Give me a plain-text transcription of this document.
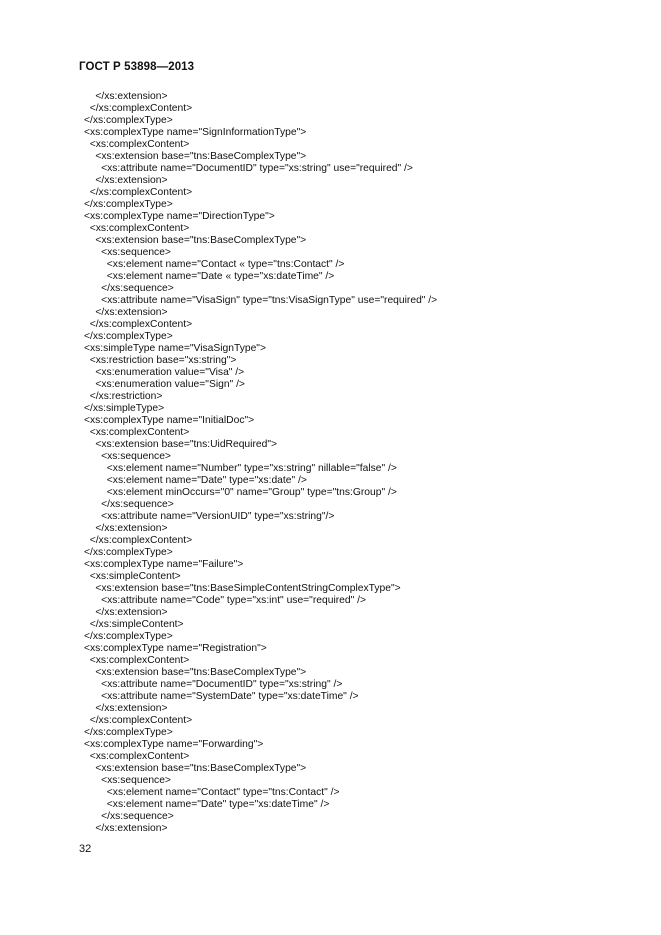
ГОСТ Р 53898—2013
</xs:extension>
</xs:complexContent>
</xs:complexType>
<xs:complexType name="SignInformationType">
<xs:complexContent>
<xs:extension base="tns:BaseComplexType">
<xs:attribute name="DocumentID" type="xs:string" use="required" />
</xs:extension>
</xs:complexContent>
</xs:complexType>
<xs:complexType name="DirectionType">
<xs:complexContent>
<xs:extension base="tns:BaseComplexType">
<xs:sequence>
<xs:element name="Contact « type="tns:Contact" />
<xs:element name="Date « type="xs:dateTime" />
</xs:sequence>
<xs:attribute name="VisaSign" type="tns:VisaSignType" use="required" />
</xs:extension>
</xs:complexContent>
</xs:complexType>
<xs:simpleType name="VisaSignType">
<xs:restriction base="xs:string">
<xs:enumeration value="Visa" />
<xs:enumeration value="Sign" />
</xs:restriction>
</xs:simpleType>
<xs:complexType name="InitialDoc">
<xs:complexContent>
<xs:extension base="tns:UidRequired">
<xs:sequence>
<xs:element name="Number" type="xs:string" nillable="false" />
<xs:element name="Date" type="xs:date" />
<xs:element minOccurs="0" name="Group" type="tns:Group" />
</xs:sequence>
<xs:attribute name="VersionUID" type="xs:string"/>
</xs:extension>
</xs:complexContent>
</xs:complexType>
<xs:complexType name="Failure">
<xs:simpleContent>
<xs:extension base="tns:BaseSimpleContentStringComplexType">
<xs:attribute name="Code" type="xs:int" use="required" />
</xs:extension>
</xs:simpleContent>
</xs:complexType>
<xs:complexType name="Registration">
<xs:complexContent>
<xs:extension base="tns:BaseComplexType">
<xs:attribute name="DocumentID" type="xs:string" />
<xs:attribute name="SystemDate" type="xs:dateTime" />
</xs:extension>
</xs:complexContent>
</xs:complexType>
<xs:complexType name="Forwarding">
<xs:complexContent>
<xs:extension base="tns:BaseComplexType">
<xs:sequence>
<xs:element name="Contact" type="tns:Contact" />
<xs:element name="Date" type="xs:dateTime" />
</xs:sequence>
</xs:extension>
32
